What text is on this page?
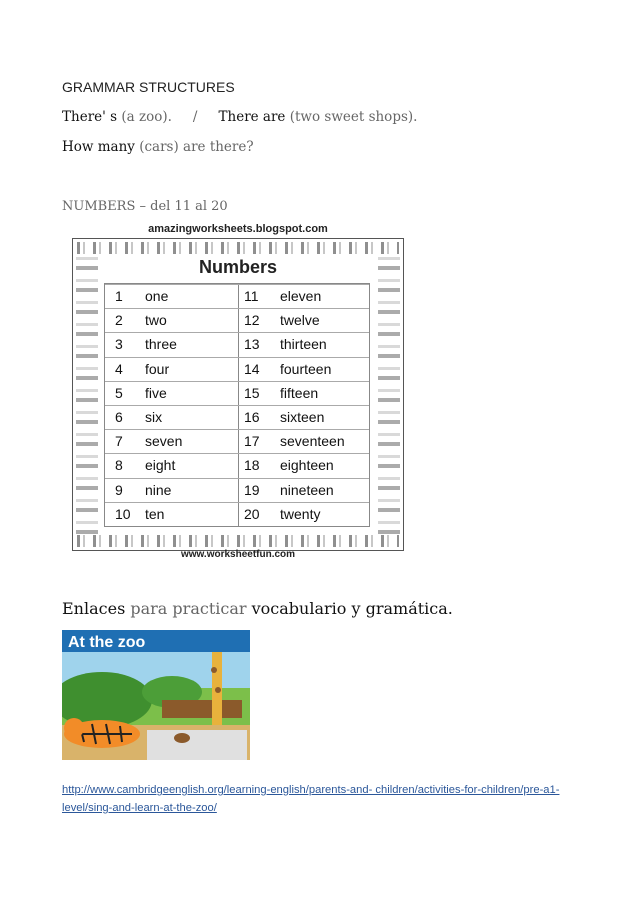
GRAMMAR STRUCTURES
There' s (a zoo). / There are (two sweet shops).
How many (cars) are there?
NUMBERS – del 11 al 20
amazingworksheets.blogspot.com
Numbers
1 one	11 eleven
2 two	12 twelve
3 three	13 thirteen
4 four	14 fourteen
5 five	15 fifteen
6 six	16 sixteen
7 seven	17 seventeen
8 eight	18 eighteen
9 nine	19 nineteen
10 ten	20 twenty
www.worksheetfun.com
Enlaces para practicar vocabulario y gramática.
At the zoo
http://www.cambridgeenglish.org/learning-english/parents-and- children/activities-for-children/pre-a1-level/sing-and-learn-at-the-zoo/
